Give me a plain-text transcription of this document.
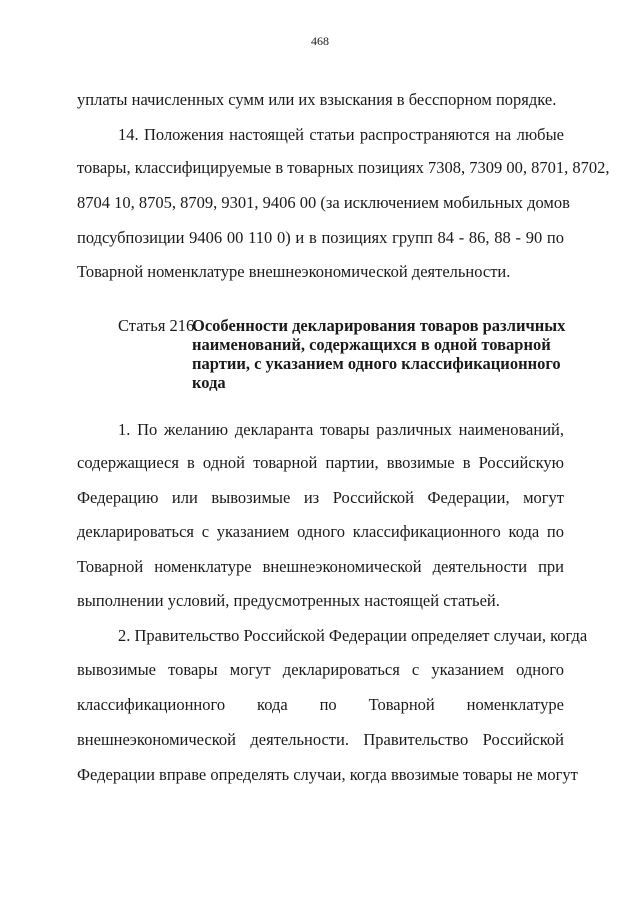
468
уплаты начисленных сумм или их взыскания в бесспорном порядке.
14. Положения настоящей статьи распространяются на любые
товары, классифицируемые в товарных позициях 7308, 7309 00, 8701, 8702,
8704 10, 8705, 8709, 9301, 9406 00 (за исключением мобильных домов
подсубпозиции 9406 00 110 0) и в позициях групп 84 - 86, 88 - 90 по
Товарной номенклатуре внешнеэкономической деятельности.
Статья 216.
Особенности декларирования товаров различных
наименований, содержащихся в одной товарной
партии, с указанием одного классификационного
кода
1. По желанию декларанта товары различных наименований,
содержащиеся в одной товарной партии, ввозимые в Российскую
Федерацию или вывозимые из Российской Федерации, могут
декларироваться с указанием одного классификационного кода по
Товарной номенклатуре внешнеэкономической деятельности при
выполнении условий, предусмотренных настоящей статьей.
2. Правительство Российской Федерации определяет случаи, когда
вывозимые товары могут декларироваться с указанием одного
классификационного кода по Товарной номенклатуре
внешнеэкономической деятельности. Правительство Российской
Федерации вправе определять случаи, когда ввозимые товары не могут
